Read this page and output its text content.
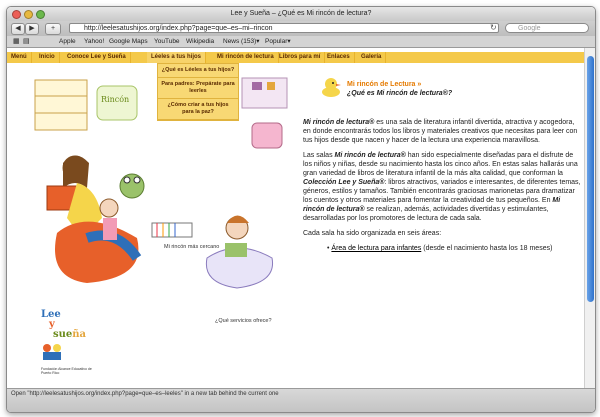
Lee y Sueña – ¿Qué es Mi rincón de lectura?
◀	▶	+	http://leelesatushijos.org/index.php?page=que–es–mi–rincon	↻	Google
▦ ▤	Apple Yahoo! Google Maps YouTube Wikipedia News (153)▾ Popular▾
Menú	Inicio	Conoce Lee y Sueña	Léeles a tus hijos	Mi rincón de lectura Libros para mí	Enlaces	Galería
Rincón
Mi rincón más cercano
¿Qué servicios ofrece?
Lee
y
sueña
Fundación Alcance Educativo de Puerto Rico
Mi rincón de Lectura »
¿Qué es Mi rincón de lectura®?

Mi rincón de lectura® es una sala de literatura infantil divertida, atractiva y acogedora, en donde encontrarás todos los libros y materiales creativos que necesitas para leer con tus hijos desde que nacen y hacer de la lectura una experiencia maravillosa.

Las salas Mi rincón de lectura® han sido especialmente diseñadas para el disfrute de los niños y niñas, desde su nacimiento hasta los cinco años. En estas salas hallarás una gran variedad de libros de literatura infantil de la más alta calidad, que conforman la Colección Lee y Sueña®: libros atractivos, variados e interesantes, de diferentes temas, géneros, estilos y tamaños. También encontrarás graciosas marionetas para dramatizar los cuentos y otros materiales para fomentar la creatividad de tus pequeños. En Mi rincón de lectura® se realizan, además, actividades divertidas y estimulantes, desarrolladas por los promotores de lectura de cada sala.

Cada sala ha sido organizada en seis áreas:

• Área de lectura para infantes (desde el nacimiento hasta los 18 meses)

¿Qué es Léeles a tus hijos?
Para padres: Prepárate para leerles
¿Cómo criar a tus hijos para la paz?
Open "http://leelesatushijos.org/index.php?page=que–es–leeles" in a new tab behind the current one
